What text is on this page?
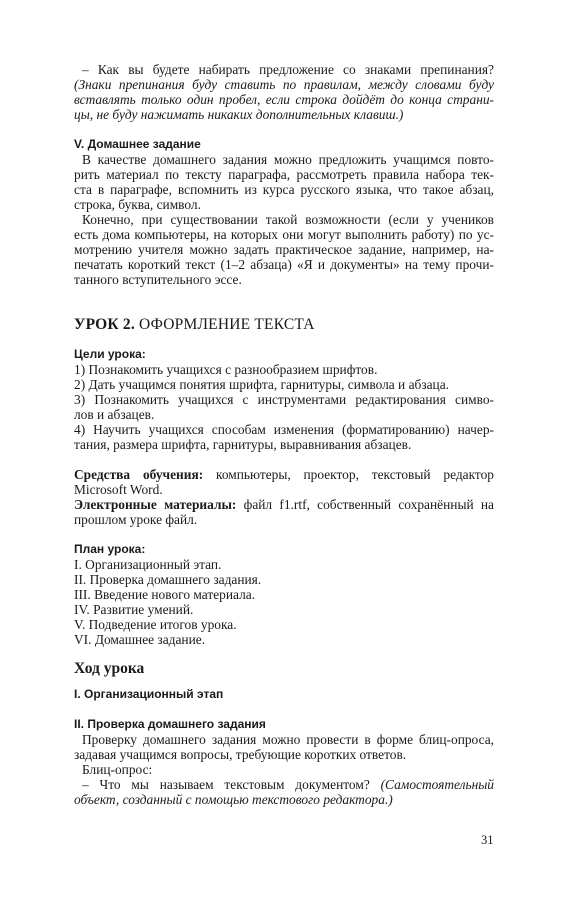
– Как вы будете набирать предложение со знаками препинания?
(Знаки препинания буду ставить по правилам, между словами буду
вставлять только один пробел, если строка дойдёт до конца страни-
цы, не буду нажимать никаких дополнительных клавиш.)
V. Домашнее задание
В качестве домашнего задания можно предложить учащимся повто-
рить материал по тексту параграфа, рассмотреть правила набора тек-
ста в параграфе, вспомнить из курса русского языка, что такое абзац,
строка, буква, символ.
Конечно, при существовании такой возможности (если у учеников
есть дома компьютеры, на которых они могут выполнить работу) по ус-
мотрению учителя можно задать практическое задание, например, на-
печатать короткий текст (1–2 абзаца) «Я и документы» на тему прочи-
танного вступительного эссе.
УРОК 2. ОФОРМЛЕНИЕ ТЕКСТА
Цели урока:
1) Познакомить учащихся с разнообразием шрифтов.
2) Дать учащимся понятия шрифта, гарнитуры, символа и абзаца.
3) Познакомить учащихся с инструментами редактирования симво-
лов и абзацев.
4) Научить учащихся способам изменения (форматированию) начер-
тания, размера шрифта, гарнитуры, выравнивания абзацев.
Средства обучения: компьютеры, проектор, текстовый редактор
Microsoft Word.
Электронные материалы: файл f1.rtf, собственный сохранённый на
прошлом уроке файл.
План урока:
I. Организационный этап.
II. Проверка домашнего задания.
III. Введение нового материала.
IV. Развитие умений.
V. Подведение итогов урока.
VI. Домашнее задание.
Ход урока
I. Организационный этап
II. Проверка домашнего задания
Проверку домашнего задания можно провести в форме блиц-опроса,
задавая учащимся вопросы, требующие коротких ответов.
Блиц-опрос:
– Что мы называем текстовым документом? (Самостоятельный
объект, созданный с помощью текстового редактора.)
31
